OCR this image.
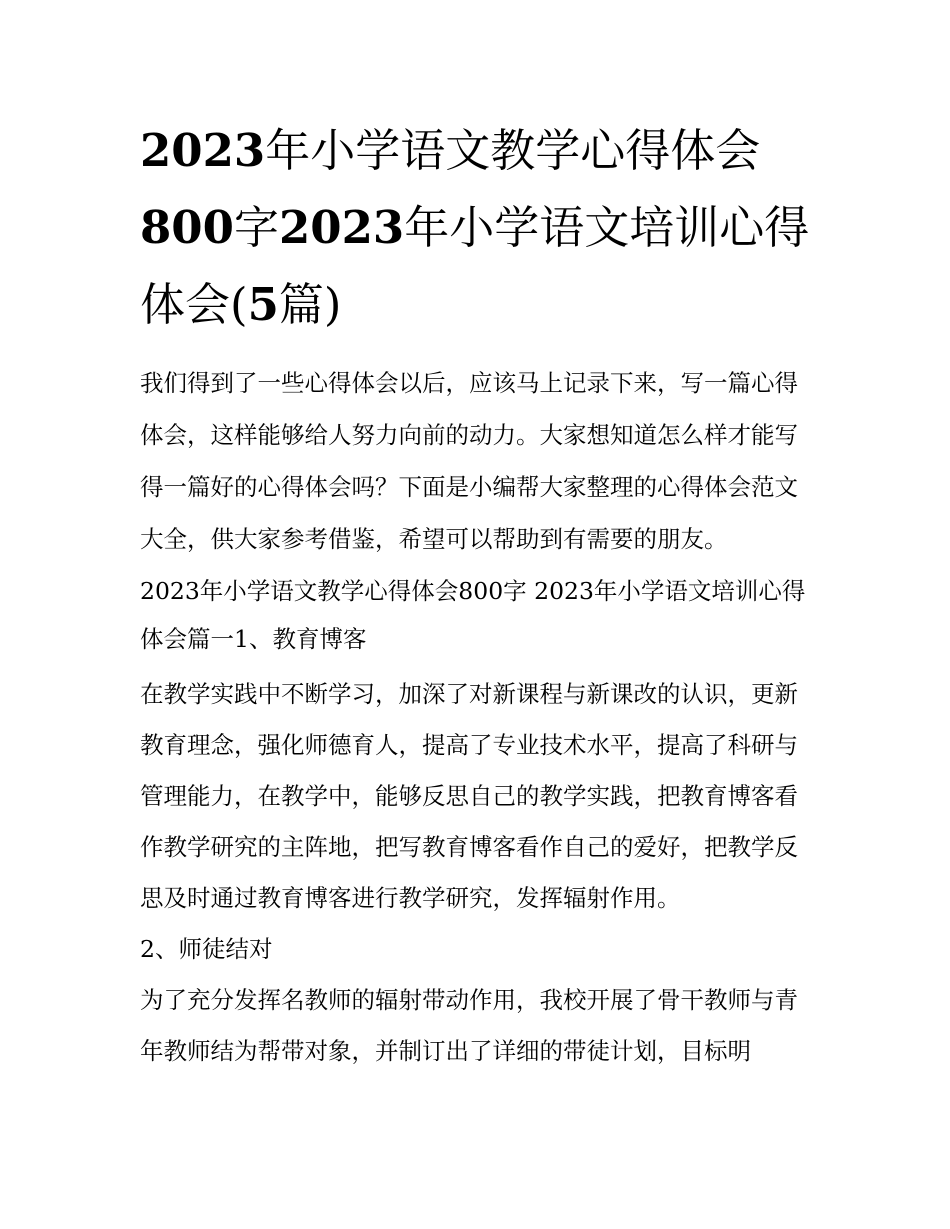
2023年小学语文教学心得体会800字2023年小学语文培训心得体会(5篇)

我们得到了一些心得体会以后，应该马上记录下来，写一篇心得体会，这样能够给人努力向前的动力。大家想知道怎么样才能写得一篇好的心得体会吗？下面是小编帮大家整理的心得体会范文大全，供大家参考借鉴，希望可以帮助到有需要的朋友。

2023年小学语文教学心得体会800字 2023年小学语文培训心得体会篇一1、教育博客

在教学实践中不断学习，加深了对新课程与新课改的认识，更新教育理念，强化师德育人，提高了专业技术水平，提高了科研与管理能力，在教学中，能够反思自己的教学实践，把教育博客看作教学研究的主阵地，把写教育博客看作自己的爱好，把教学反思及时通过教育博客进行教学研究，发挥辐射作用。

2、师徒结对

为了充分发挥名教师的辐射带动作用，我校开展了骨干教师与青年教师结为帮带对象，并制订出了详细的带徒计划，目标明
